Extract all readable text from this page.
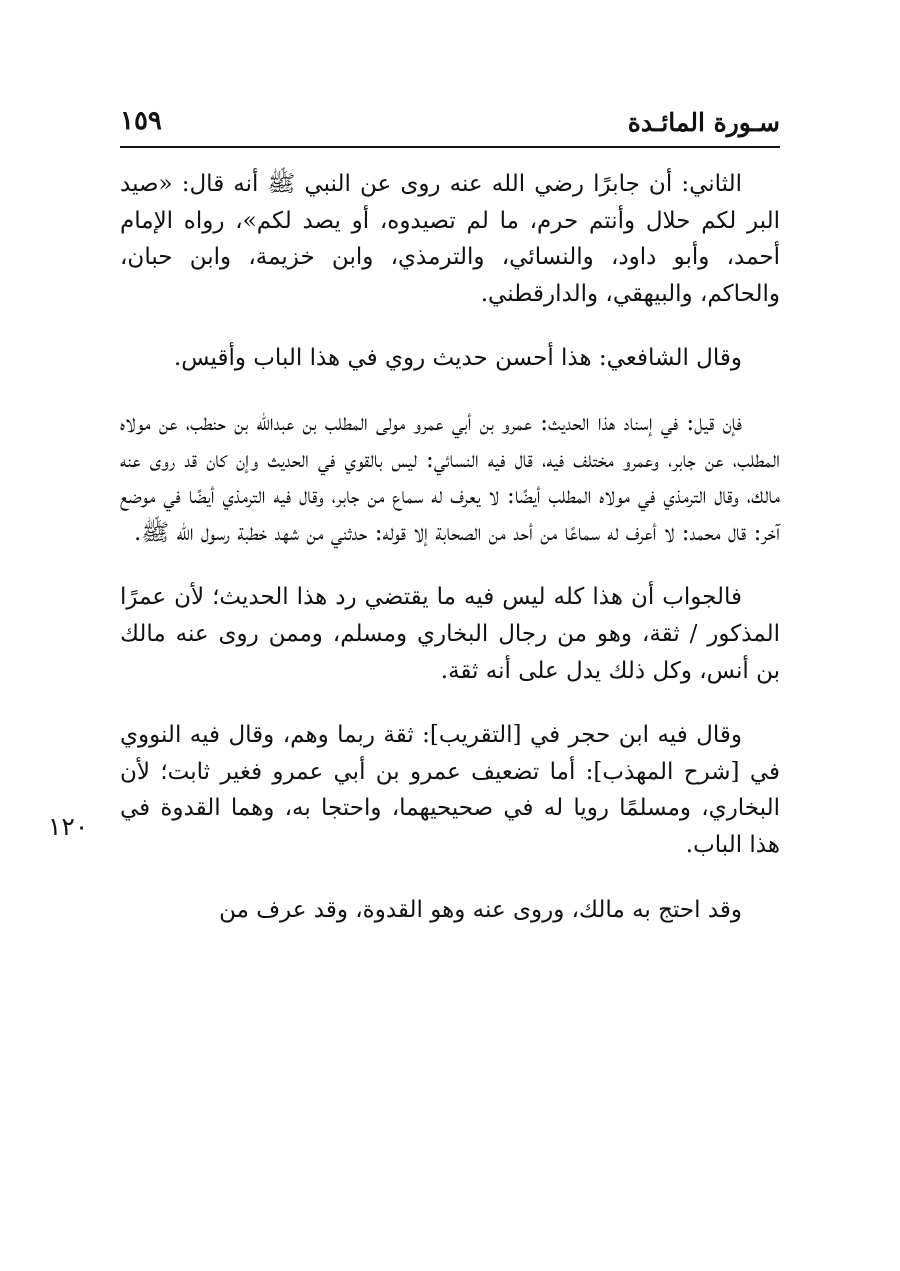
سـورة المائـدة
١٥٩
١٢٠

الثاني: أن جابرًا رضي الله عنه روى عن النبي ﷺ أنه قال: «صيد البر لكم حلال وأنتم حرم، ما لم تصيدوه، أو يصد لكم»، رواه الإمام أحمد، وأبو داود، والنسائي، والترمذي، وابن خزيمة، وابن حبان، والحاكم، والبيهقي، والدارقطني.

وقال الشافعي: هذا أحسن حديث روي في هذا الباب وأقيس.

فإن قيل: في إسناد هذا الحديث: عمرو بن أبي عمرو مولى المطلب بن عبدالله بن حنطب، عن مولاه المطلب، عن جابر، وعمرو مختلف فيه، قال فيه النسائي: ليس بالقوي في الحديث وإن كان قد روى عنه مالك، وقال الترمذي في مولاه المطلب أيضًا: لا يعرف له سماع من جابر، وقال فيه الترمذي أيضًا في موضع آخر: قال محمد: لا أعرف له سماعًا من أحد من الصحابة إلا قوله: حدثني من شهد خطبة رسول الله ﷺ.

فالجواب أن هذا كله ليس فيه ما يقتضي رد هذا الحديث؛ لأن عمرًا المذكور / ثقة، وهو من رجال البخاري ومسلم، وممن روى عنه مالك بن أنس، وكل ذلك يدل على أنه ثقة.

وقال فيه ابن حجر في [التقريب]: ثقة ربما وهم، وقال فيه النووي في [شرح المهذب]: أما تضعيف عمرو بن أبي عمرو فغير ثابت؛ لأن البخاري، ومسلمًا رويا له في صحيحيهما، واحتجا به، وهما القدوة في هذا الباب.

وقد احتج به مالك، وروى عنه وهو القدوة، وقد عرف من
